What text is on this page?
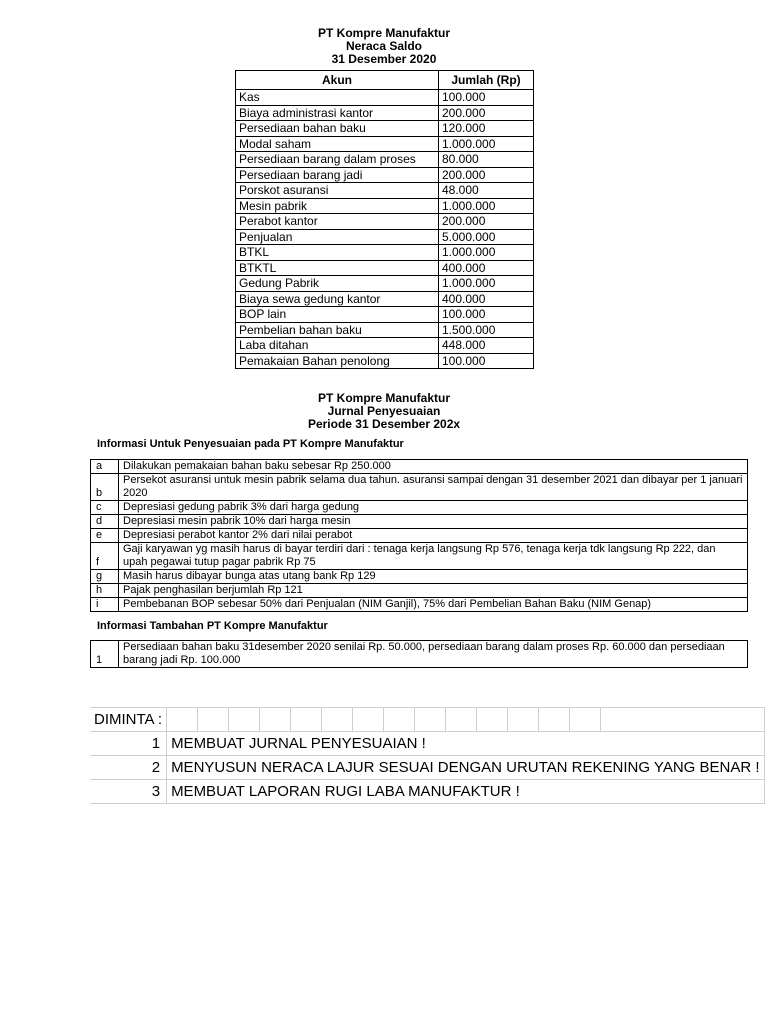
PT Kompre Manufaktur
Neraca Saldo
31 Desember 2020
Akun	Jumlah (Rp)
Kas	100.000
Biaya administrasi kantor	200.000
Persediaan bahan baku	120.000
Modal saham	1.000.000
Persediaan barang dalam proses	80.000
Persediaan barang jadi	200.000
Porskot asuransi	48.000
Mesin pabrik	1.000.000
Perabot kantor	200.000
Penjualan	5.000.000
BTKL	1.000.000
BTKTL	400.000
Gedung Pabrik	1.000.000
Biaya sewa gedung kantor	400.000
BOP lain	100.000
Pembelian bahan baku	1.500.000
Laba ditahan	448.000
Pemakaian Bahan penolong	100.000
PT Kompre Manufaktur
Jurnal Penyesuaian
Periode 31 Desember 202x
Informasi Untuk Penyesuaian pada PT Kompre Manufaktur
a	Dilakukan pemakaian bahan baku sebesar Rp 250.000
b	Persekot asuransi untuk mesin pabrik selama dua tahun. asuransi sampai dengan 31 desember 2021 dan dibayar per 1 januari 2020
c	Depresiasi gedung pabrik 3% dari harga gedung
d	Depresiasi mesin pabrik 10% dari harga mesin
e	Depresiasi perabot kantor 2% dari nilai perabot
f	Gaji karyawan yg masih harus di bayar terdiri dari : tenaga kerja langsung Rp 576, tenaga kerja tdk langsung Rp 222, dan upah pegawai tutup pagar pabrik Rp 75
g	Masih harus dibayar bunga atas utang bank Rp 129
h	Pajak penghasilan berjumlah Rp 121
i	Pembebanan BOP sebesar 50% dari Penjualan (NIM Ganjil), 75% dari Pembelian Bahan Baku (NIM Genap)
Informasi Tambahan PT Kompre Manufaktur
1	Persediaan bahan baku 31desember 2020 senilai Rp. 50.000, persediaan barang dalam proses Rp. 60.000 dan persediaan barang jadi Rp. 100.000
DIMINTA :															
1	MEMBUAT JURNAL PENYESUAIAN !														
2	MENYUSUN NERACA LAJUR SESUAI DENGAN URUTAN REKENING YANG BENAR !														
3	MEMBUAT LAPORAN RUGI LABA MANUFAKTUR !														
